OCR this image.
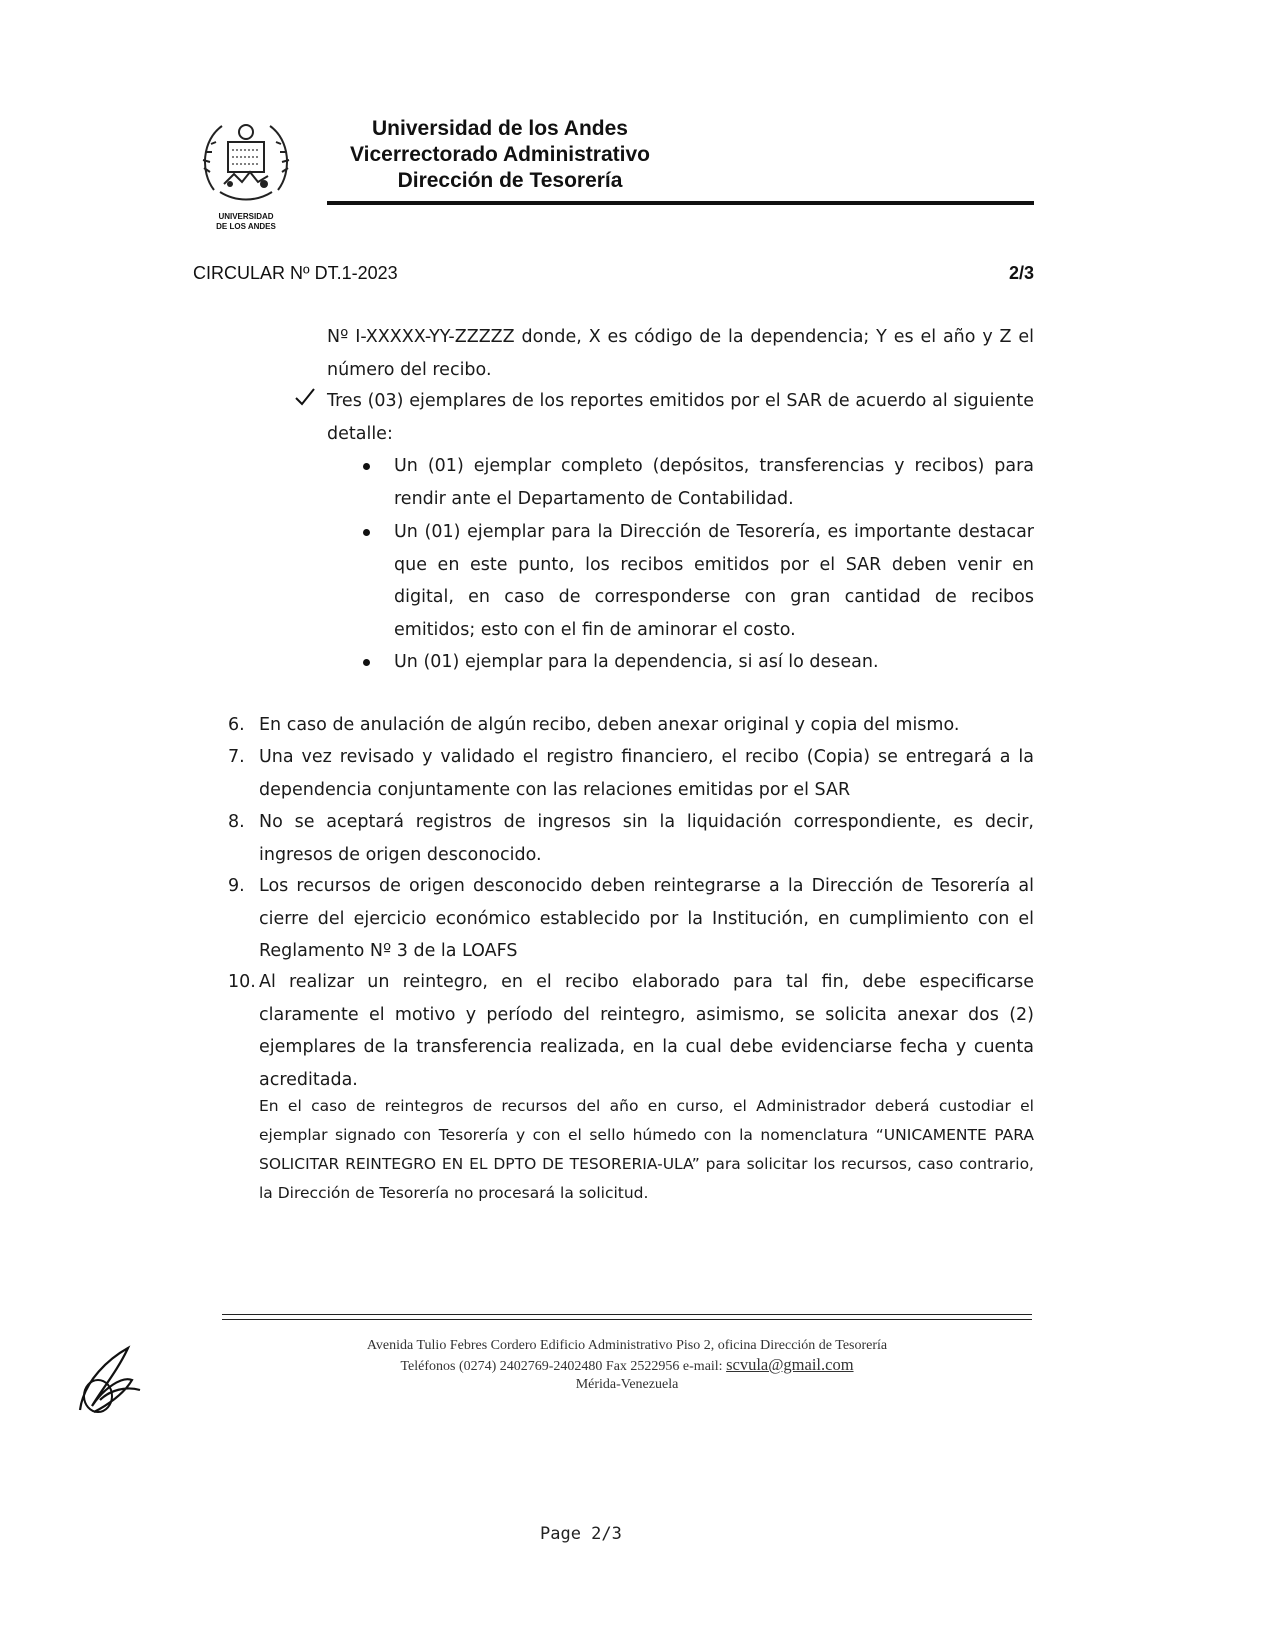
UNIVERSIDAD
DE LOS ANDES
Universidad de los Andes
Vicerrectorado Administrativo
Dirección de Tesorería
CIRCULAR Nº DT.1-2023	2/3
Nº I-XXXXX-YY-ZZZZZ donde, X es código de la dependencia; Y es el año y Z el número del recibo.
Tres (03) ejemplares de los reportes emitidos por el SAR de acuerdo al siguiente detalle:
Un (01) ejemplar completo (depósitos, transferencias y recibos) para rendir ante el Departamento de Contabilidad.
Un (01) ejemplar para la Dirección de Tesorería, es importante destacar que en este punto, los recibos emitidos por el SAR deben venir en digital, en caso de corresponderse con gran cantidad de recibos emitidos; esto con el fin de aminorar el costo.
Un (01) ejemplar para la dependencia, si así lo desean.
6. En caso de anulación de algún recibo, deben anexar original y copia del mismo.
7. Una vez revisado y validado el registro financiero, el recibo (Copia) se entregará a la dependencia conjuntamente con las relaciones emitidas por el SAR
8. No se aceptará registros de ingresos sin la liquidación correspondiente, es decir, ingresos de origen desconocido.
9. Los recursos de origen desconocido deben reintegrarse a la Dirección de Tesorería al cierre del ejercicio económico establecido por la Institución, en cumplimiento con el Reglamento Nº 3 de la LOAFS
10. Al realizar un reintegro, en el recibo elaborado para tal fin, debe especificarse claramente el motivo y período del reintegro, asimismo, se solicita anexar dos (2) ejemplares de la transferencia realizada, en la cual debe evidenciarse fecha y cuenta acreditada.
En el caso de reintegros de recursos del año en curso, el Administrador deberá custodiar el ejemplar signado con Tesorería y con el sello húmedo con la nomenclatura “UNICAMENTE PARA SOLICITAR REINTEGRO EN EL DPTO DE TESORERIA-ULA” para solicitar los recursos, caso contrario, la Dirección de Tesorería no procesará la solicitud.
Avenida Tulio Febres Cordero Edificio Administrativo Piso 2, oficina Dirección de Tesorería
Teléfonos (0274) 2402769-2402480 Fax 2522956 e-mail: scvula@gmail.com
Mérida-Venezuela
Page 2/3
